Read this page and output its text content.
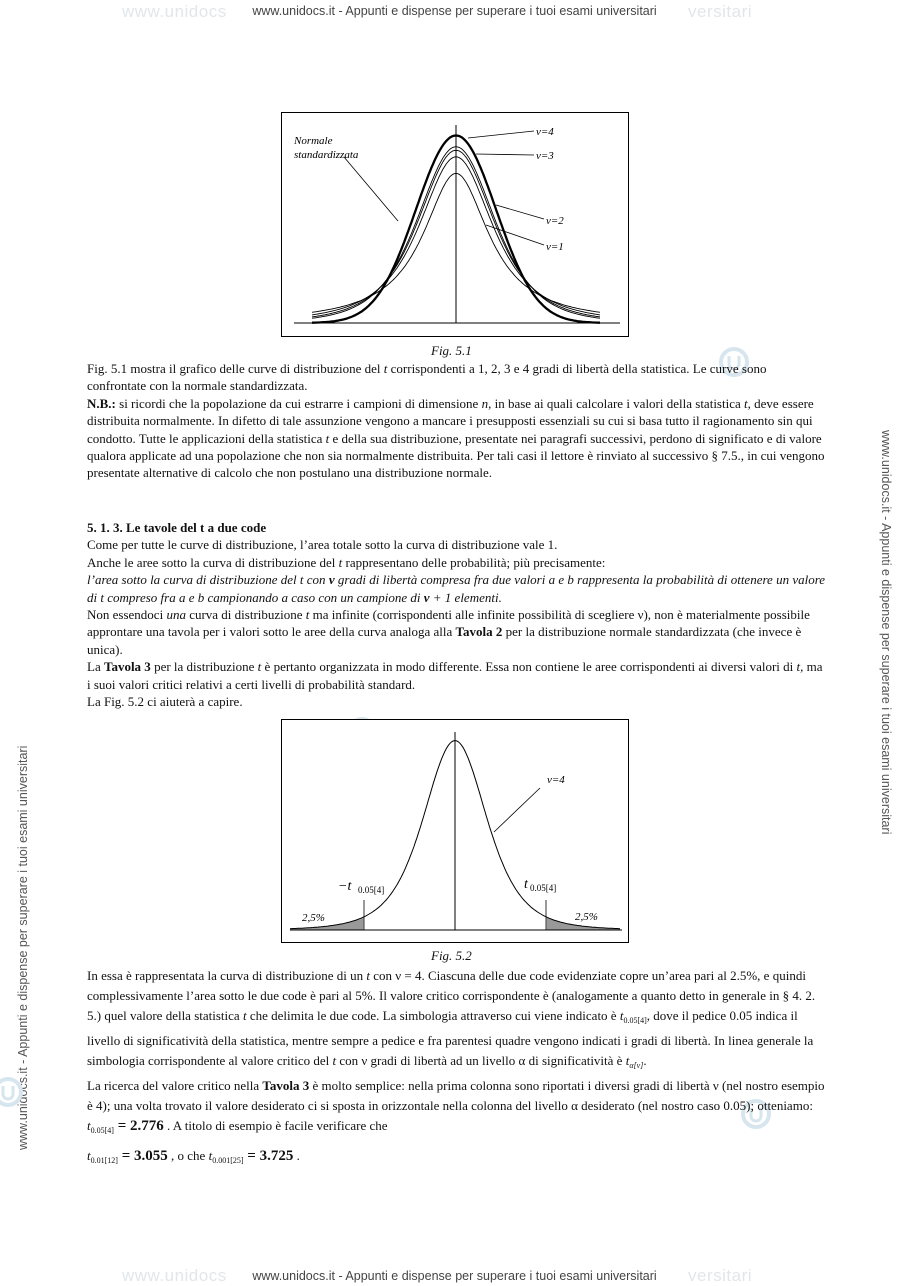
www.unidocs	versitari
www.unidocs.it - Appunti e dispense per superare i tuoi esami universitari
www.unidocs	versitari
www.unidocs.it - Appunti e dispense per superare i tuoi esami universitari
www.unidocs.it - Appunti e dispense per superare i tuoi esami universitari
www.unidocs.it - Appunti e dispense per superare i tuoi esami universitari
Normale
standardizzata
ν=4
ν=3
ν=2
ν=1
Fig. 5.1

Fig. 5.1 mostra il grafico delle curve di distribuzione del t corrispondenti a 1, 2, 3 e 4 gradi di libertà della statistica. Le curve sono confrontate con la normale standardizzata.

N.B.: si ricordi che la popolazione da cui estrarre i campioni di dimensione n, in base ai quali calcolare i valori della statistica t, deve essere distribuita normalmente. In difetto di tale assunzione vengono a mancare i presupposti essenziali su cui si basa tutto il ragionamento sin qui condotto. Tutte le applicazioni della statistica t e della sua distribuzione, presentate nei paragrafi successivi, perdono di significato e di valore qualora applicate ad una popolazione che non sia normalmente distribuita. Per tali casi il lettore è rinviato al successivo § 7.5., in cui vengono presentate alternative di calcolo che non postulano una distribuzione normale.

5. 1. 3. Le tavole del t a due code

Come per tutte le curve di distribuzione, l’area totale sotto la curva di distribuzione vale 1.

Anche le aree sotto la curva di distribuzione del t rappresentano delle probabilità; più precisamente:

l’area sotto la curva di distribuzione del t con ν gradi di libertà compresa fra due valori a e b rappresenta la probabilità di ottenere un valore di t compreso fra a e b campionando a caso con un campione di ν + 1 elementi.

Non essendoci una curva di distribuzione t ma infinite (corrispondenti alle infinite possibilità di scegliere ν), non è materialmente possibile approntare una tavola per i valori sotto le aree della curva analoga alla Tavola 2 per la distribuzione normale standardizzata (che invece è unica).

La Tavola 3 per la distribuzione t è pertanto organizzata in modo differente. Essa non contiene le aree corrispondenti ai diversi valori di t, ma i suoi valori critici relativi a certi livelli di probabilità standard.

La Fig. 5.2 ci aiuterà a capire.

ν=4
−t 0.05[4]	t 0.05[4]
2,5%	2,5%
Fig. 5.2

In essa è rappresentata la curva di distribuzione di un t con ν = 4. Ciascuna delle due code evidenziate copre un’area pari al 2.5%, e quindi complessivamente l’area sotto le due code è pari al 5%. Il valore critico corrispondente è (analogamente a quanto detto in generale in § 4. 2. 5.) quel valore della statistica t che delimita le due code. La simbologia attraverso cui viene indicato è $t_{0.05[4]}$, dove il pedice 0.05 indica il livello di significatività della statistica, mentre sempre a pedice e fra parentesi quadre vengono indicati i gradi di libertà. In linea generale la simbologia corrispondente al valore critico del t con ν gradi di libertà ad un livello α di significatività è $t_{\alpha[\nu]}$.

La ricerca del valore critico nella Tavola 3 è molto semplice: nella prima colonna sono riportati i diversi gradi di libertà ν (nel nostro esempio è 4); una volta trovato il valore desiderato ci si sposta in orizzontale nella colonna del livello α desiderato (nel nostro caso 0.05); otteniamo: $t_{0.05[4]} = 2.776$ . A titolo di esempio è facile verificare che
$t_{0.01[12]} = 3.055$ , o che $t_{0.001[25]} = 3.725$ .
